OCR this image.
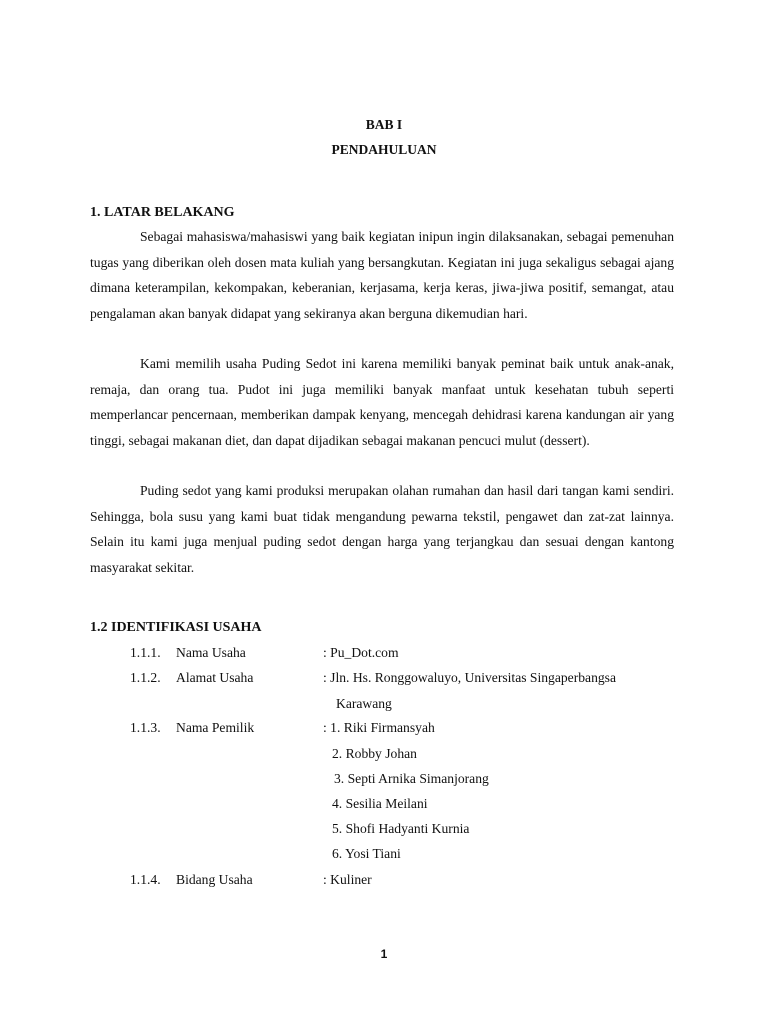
BAB I
PENDAHULUAN
1. LATAR BELAKANG

Sebagai mahasiswa/mahasiswi yang baik kegiatan inipun ingin dilaksanakan, sebagai pemenuhan tugas yang diberikan oleh dosen mata kuliah yang bersangkutan. Kegiatan ini juga sekaligus sebagai ajang dimana keterampilan, kekompakan, keberanian, kerjasama, kerja keras, jiwa-jiwa positif, semangat, atau pengalaman akan banyak didapat yang sekiranya akan berguna dikemudian hari.

Kami memilih usaha Puding Sedot ini karena memiliki banyak peminat baik untuk anak-anak, remaja, dan orang tua. Pudot ini juga memiliki banyak manfaat untuk kesehatan tubuh seperti memperlancar pencernaan, memberikan dampak kenyang, mencegah dehidrasi karena kandungan air yang tinggi, sebagai makanan diet, dan dapat dijadikan sebagai makanan pencuci mulut (dessert).

Puding sedot yang kami produksi merupakan olahan rumahan dan hasil dari tangan kami sendiri. Sehingga, bola susu yang kami buat tidak mengandung pewarna tekstil, pengawet dan zat-zat lainnya. Selain itu kami juga menjual puding sedot dengan harga yang terjangkau dan sesuai dengan kantong masyarakat sekitar.

1.2 IDENTIFIKASI USAHA
1.1.1. Nama Usaha	: Pu_Dot.com
1.1.2. Alamat Usaha	: Jln. Hs. Ronggowaluyo, Universitas Singaperbangsa
Karawang
1.1.3. Nama Pemilik	: 1. Riki Firmansyah
2. Robby Johan
3. Septi Arnika Simanjorang
4. Sesilia Meilani
5. Shofi Hadyanti Kurnia
6. Yosi Tiani
1.1.4. Bidang Usaha	: Kuliner
1
